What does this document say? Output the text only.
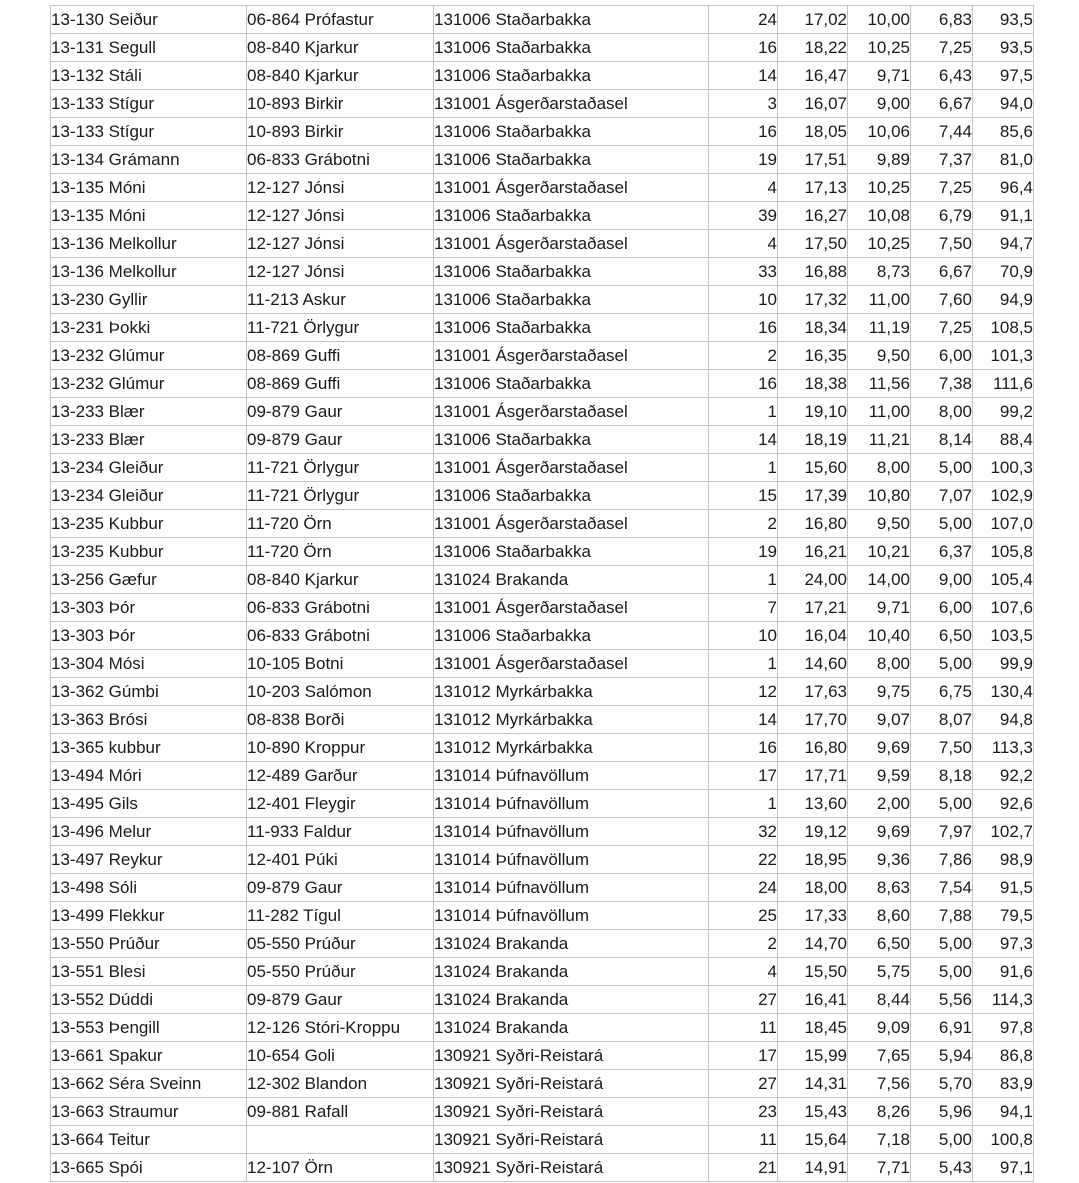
13-130 Seiður	06-864 Prófastur	131006 Staðarbakka	24	17,02	10,00	6,83	93,5
13-131 Segull	08-840 Kjarkur	131006 Staðarbakka	16	18,22	10,25	7,25	93,5
13-132 Stáli	08-840 Kjarkur	131006 Staðarbakka	14	16,47	9,71	6,43	97,5
13-133 Stígur	10-893 Birkir	131001 Ásgerðarstaðasel	3	16,07	9,00	6,67	94,0
13-133 Stígur	10-893 Birkir	131006 Staðarbakka	16	18,05	10,06	7,44	85,6
13-134 Grámann	06-833 Grábotni	131006 Staðarbakka	19	17,51	9,89	7,37	81,0
13-135 Móni	12-127 Jónsi	131001 Ásgerðarstaðasel	4	17,13	10,25	7,25	96,4
13-135 Móni	12-127 Jónsi	131006 Staðarbakka	39	16,27	10,08	6,79	91,1
13-136 Melkollur	12-127 Jónsi	131001 Ásgerðarstaðasel	4	17,50	10,25	7,50	94,7
13-136 Melkollur	12-127 Jónsi	131006 Staðarbakka	33	16,88	8,73	6,67	70,9
13-230 Gyllir	11-213 Askur	131006 Staðarbakka	10	17,32	11,00	7,60	94,9
13-231 Þokki	11-721 Örlygur	131006 Staðarbakka	16	18,34	11,19	7,25	108,5
13-232 Glúmur	08-869 Guffi	131001 Ásgerðarstaðasel	2	16,35	9,50	6,00	101,3
13-232 Glúmur	08-869 Guffi	131006 Staðarbakka	16	18,38	11,56	7,38	111,6
13-233 Blær	09-879 Gaur	131001 Ásgerðarstaðasel	1	19,10	11,00	8,00	99,2
13-233 Blær	09-879 Gaur	131006 Staðarbakka	14	18,19	11,21	8,14	88,4
13-234 Gleiður	11-721 Örlygur	131001 Ásgerðarstaðasel	1	15,60	8,00	5,00	100,3
13-234 Gleiður	11-721 Örlygur	131006 Staðarbakka	15	17,39	10,80	7,07	102,9
13-235 Kubbur	11-720 Örn	131001 Ásgerðarstaðasel	2	16,80	9,50	5,00	107,0
13-235 Kubbur	11-720 Örn	131006 Staðarbakka	19	16,21	10,21	6,37	105,8
13-256 Gæfur	08-840 Kjarkur	131024 Brakanda	1	24,00	14,00	9,00	105,4
13-303 Þór	06-833 Grábotni	131001 Ásgerðarstaðasel	7	17,21	9,71	6,00	107,6
13-303 Þór	06-833 Grábotni	131006 Staðarbakka	10	16,04	10,40	6,50	103,5
13-304 Mósi	10-105 Botni	131001 Ásgerðarstaðasel	1	14,60	8,00	5,00	99,9
13-362 Gúmbi	10-203 Salómon	131012 Myrkárbakka	12	17,63	9,75	6,75	130,4
13-363 Brósi	08-838 Borði	131012 Myrkárbakka	14	17,70	9,07	8,07	94,8
13-365 kubbur	10-890 Kroppur	131012 Myrkárbakka	16	16,80	9,69	7,50	113,3
13-494 Móri	12-489 Garður	131014 Þúfnavöllum	17	17,71	9,59	8,18	92,2
13-495 Gils	12-401 Fleygir	131014 Þúfnavöllum	1	13,60	2,00	5,00	92,6
13-496 Melur	11-933 Faldur	131014 Þúfnavöllum	32	19,12	9,69	7,97	102,7
13-497 Reykur	12-401 Púki	131014 Þúfnavöllum	22	18,95	9,36	7,86	98,9
13-498 Sóli	09-879 Gaur	131014 Þúfnavöllum	24	18,00	8,63	7,54	91,5
13-499 Flekkur	11-282 Tígul	131014 Þúfnavöllum	25	17,33	8,60	7,88	79,5
13-550 Prúður	05-550 Prúður	131024 Brakanda	2	14,70	6,50	5,00	97,3
13-551 Blesi	05-550 Prúður	131024 Brakanda	4	15,50	5,75	5,00	91,6
13-552 Dúddi	09-879 Gaur	131024 Brakanda	27	16,41	8,44	5,56	114,3
13-553 Þengill	12-126 Stóri-Kroppu	131024 Brakanda	11	18,45	9,09	6,91	97,8
13-661 Spakur	10-654 Goli	130921 Syðri-Reistará	17	15,99	7,65	5,94	86,8
13-662 Séra Sveinn	12-302 Blandon	130921 Syðri-Reistará	27	14,31	7,56	5,70	83,9
13-663 Straumur	09-881 Rafall	130921 Syðri-Reistará	23	15,43	8,26	5,96	94,1
13-664 Teitur		130921 Syðri-Reistará	11	15,64	7,18	5,00	100,8
13-665 Spói	12-107 Örn	130921 Syðri-Reistará	21	14,91	7,71	5,43	97,1
